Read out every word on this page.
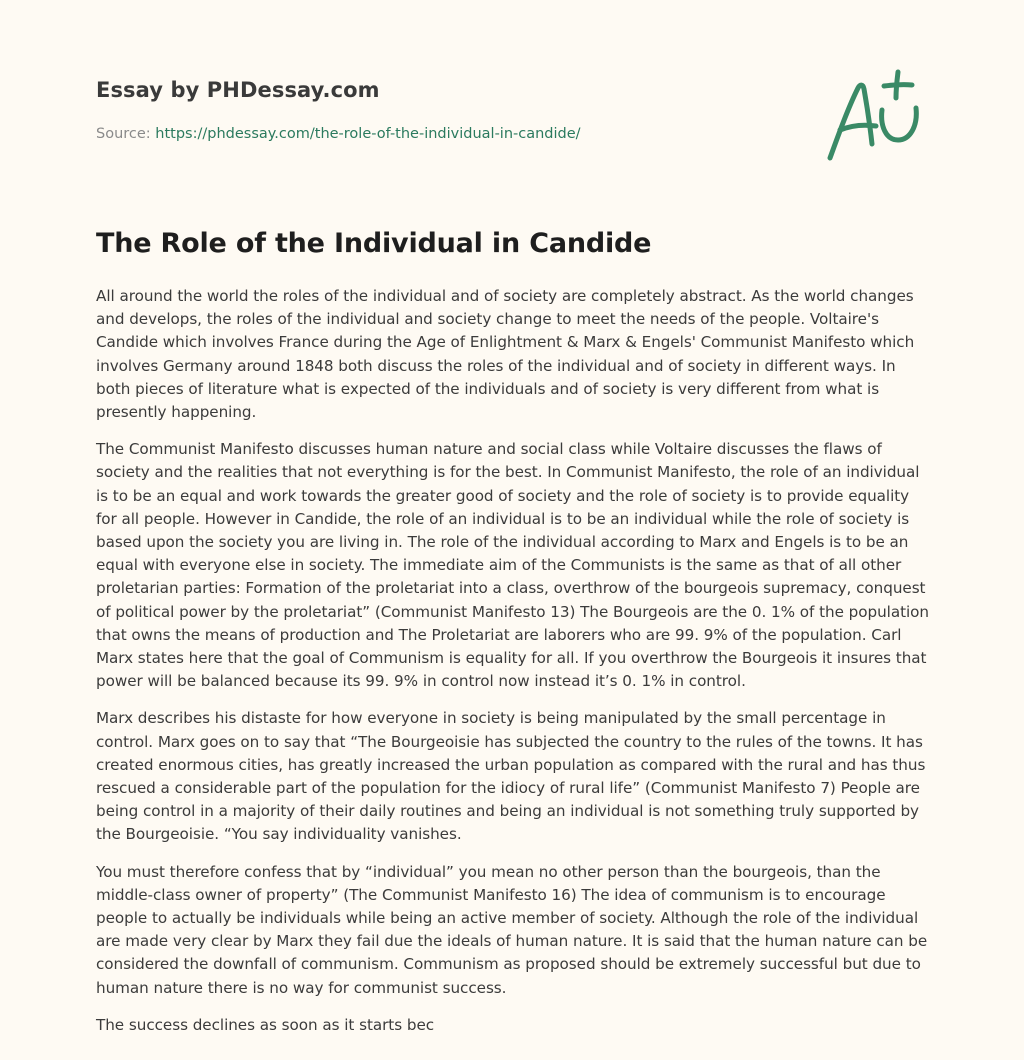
Essay by PHDessay.com
Source: https://phdessay.com/the-role-of-the-individual-in-candide/
The Role of the Individual in Candide

All around the world the roles of the individual and of society are completely abstract. As the world changes and develops, the roles of the individual and society change to meet the needs of the people. Voltaire's Candide which involves France during the Age of Enlightment & Marx & Engels' Communist Manifesto which involves Germany around 1848 both discuss the roles of the individual and of society in different ways. In both pieces of literature what is expected of the individuals and of society is very different from what is presently happening.

The Communist Manifesto discusses human nature and social class while Voltaire discusses the flaws of society and the realities that not everything is for the best. In Communist Manifesto, the role of an individual is to be an equal and work towards the greater good of society and the role of society is to provide equality for all people. However in Candide, the role of an individual is to be an individual while the role of society is based upon the society you are living in. The role of the individual according to Marx and Engels is to be an equal with everyone else in society. The immediate aim of the Communists is the same as that of all other proletarian parties: Formation of the proletariat into a class, overthrow of the bourgeois supremacy, conquest of political power by the proletariat” (Communist Manifesto 13) The Bourgeois are the 0. 1% of the population that owns the means of production and The Proletariat are laborers who are 99. 9% of the population. Carl Marx states here that the goal of Communism is equality for all. If you overthrow the Bourgeois it insures that power will be balanced because its 99. 9% in control now instead it’s 0. 1% in control.

Marx describes his distaste for how everyone in society is being manipulated by the small percentage in control. Marx goes on to say that “The Bourgeoisie has subjected the country to the rules of the towns. It has created enormous cities, has greatly increased the urban population as compared with the rural and has thus rescued a considerable part of the population for the idiocy of rural life” (Communist Manifesto 7) People are being control in a majority of their daily routines and being an individual is not something truly supported by the Bourgeoisie. “You say individuality vanishes.

You must therefore confess that by “individual” you mean no other person than the bourgeois, than the middle-class owner of property” (The Communist Manifesto 16) The idea of communism is to encourage people to actually be individuals while being an active member of society. Although the role of the individual are made very clear by Marx they fail due the ideals of human nature. It is said that the human nature can be considered the downfall of communism. Communism as proposed should be extremely successful but due to human nature there is no way for communist success.

The success declines as soon as it starts bec
